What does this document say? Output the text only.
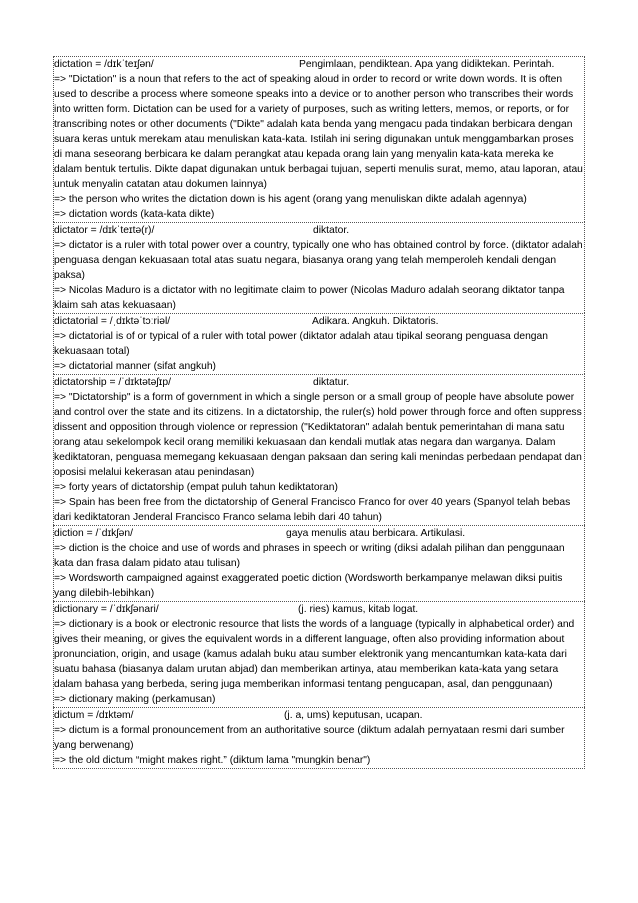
dictation = /dɪkˈteɪʃən/	Pengimlaan, pendiktean. Apa yang didiktekan. Perintah.
=> "Dictation" is a noun that refers to the act of speaking aloud in order to record or write down words. It is often used to describe a process where someone speaks into a device or to another person who transcribes their words into written form. Dictation can be used for a variety of purposes, such as writing letters, memos, or reports, or for transcribing notes or other documents ("Dikte" adalah kata benda yang mengacu pada tindakan berbicara dengan suara keras untuk merekam atau menuliskan kata-kata. Istilah ini sering digunakan untuk menggambarkan proses di mana seseorang berbicara ke dalam perangkat atau kepada orang lain yang menyalin kata-kata mereka ke dalam bentuk tertulis. Dikte dapat digunakan untuk berbagai tujuan, seperti menulis surat, memo, atau laporan, atau untuk menyalin catatan atau dokumen lainnya)
=> the person who writes the dictation down is his agent (orang yang menuliskan dikte adalah agennya)
=> dictation words (kata-kata dikte)
dictator = /dɪkˈteɪtə(r)/	diktator.
=> dictator is a ruler with total power over a country, typically one who has obtained control by force. (diktator adalah penguasa dengan kekuasaan total atas suatu negara, biasanya orang yang telah memperoleh kendali dengan paksa)
=> Nicolas Maduro is a dictator with no legitimate claim to power (Nicolas Maduro adalah seorang diktator tanpa klaim sah atas kekuasaan)
dictatorial = /ˌdɪktəˈtɔːriəl/	Adikara. Angkuh. Diktatoris.
=> dictatorial is of or typical of a ruler with total power (diktator adalah atau tipikal seorang penguasa dengan kekuasaan total)
=> dictatorial manner (sifat angkuh)
dictatorship = /ˈdɪktətəʃɪp/	diktatur.
=> "Dictatorship" is a form of government in which a single person or a small group of people have absolute power and control over the state and its citizens. In a dictatorship, the ruler(s) hold power through force and often suppress dissent and opposition through violence or repression ("Kediktatoran" adalah bentuk pemerintahan di mana satu orang atau sekelompok kecil orang memiliki kekuasaan dan kendali mutlak atas negara dan warganya. Dalam kediktatoran, penguasa memegang kekuasaan dengan paksaan dan sering kali menindas perbedaan pendapat dan oposisi melalui kekerasan atau penindasan)
=> forty years of dictatorship (empat puluh tahun kediktatoran)
=> Spain has been free from the dictatorship of General Francisco Franco for over 40 years (Spanyol telah bebas dari kediktatoran Jenderal Francisco Franco selama lebih dari 40 tahun)
diction = /ˈdɪkʃən/	gaya menulis atau berbicara. Artikulasi.
=> diction is the choice and use of words and phrases in speech or writing (diksi adalah pilihan dan penggunaan kata dan frasa dalam pidato atau tulisan)
=> Wordsworth campaigned against exaggerated poetic diction (Wordsworth berkampanye melawan diksi puitis yang dilebih-lebihkan)
dictionary = /ˈdɪkʃənari/	(j. ries) kamus, kitab logat.
=> dictionary is a book or electronic resource that lists the words of a language (typically in alphabetical order) and gives their meaning, or gives the equivalent words in a different language, often also providing information about pronunciation, origin, and usage (kamus adalah buku atau sumber elektronik yang mencantumkan kata-kata dari suatu bahasa (biasanya dalam urutan abjad) dan memberikan artinya, atau memberikan kata-kata yang setara dalam bahasa yang berbeda, sering juga memberikan informasi tentang pengucapan, asal, dan penggunaan)
=> dictionary making (perkamusan)
dictum = /dɪktəm/	(j. a, ums) keputusan, ucapan.
=> dictum is a formal pronouncement from an authoritative source (diktum adalah pernyataan resmi dari sumber yang berwenang)
=> the old dictum “might makes right.” (diktum lama "mungkin benar")
